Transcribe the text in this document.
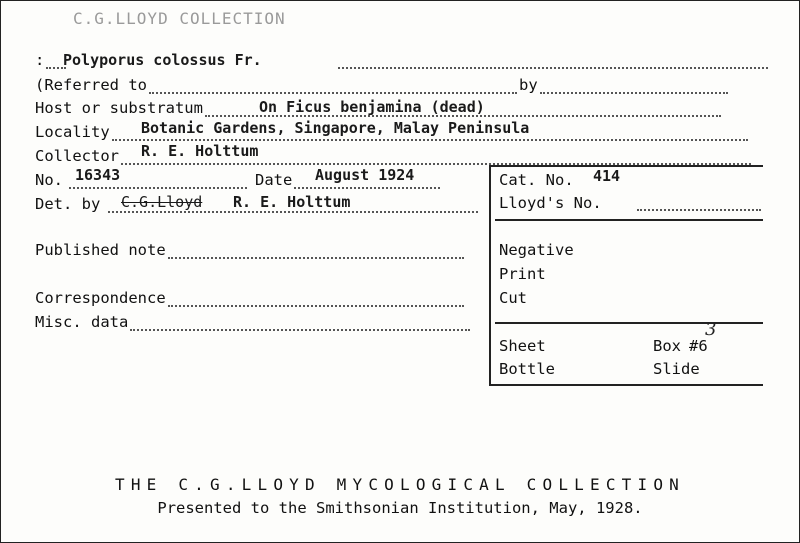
C.G.LLOYD COLLECTION
: Polyporus colossus Fr.
(Referred to	by
Host or substratum	On Ficus benjamina (dead)
Locality Botanic Gardens, Singapore, Malay Peninsula
Collector R. E. Holttum
No.	Date
16343	August 1924
Det. by C.G.Lloyd R. E. Holttum
Published note
Correspondence
Misc. data
Cat. No. 414
Lloyd's No.
Negative
Print
Cut
Sheet	Box #6
3
Bottle	Slide
THE C.G.LLOYD MYCOLOGICAL COLLECTION
Presented to the Smithsonian Institution, May, 1928.
